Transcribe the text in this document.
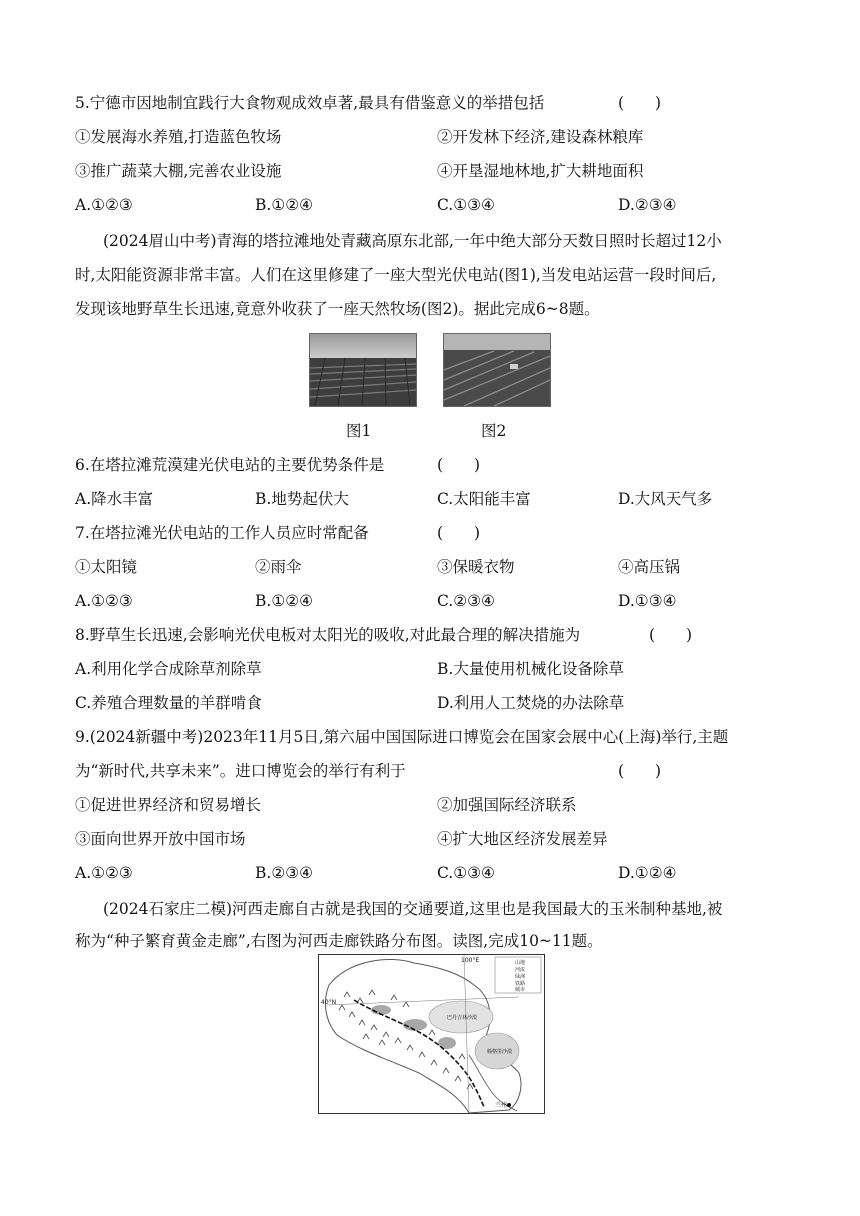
5.宁德市因地制宜践行大食物观成效卓著,最具有借鉴意义的举措包括	(　　)
①发展海水养殖,打造蓝色牧场	②开发林下经济,建设森林粮库
③推广蔬菜大棚,完善农业设施	④开垦湿地林地,扩大耕地面积
A.①②③	B.①②④	C.①③④	D.②③④
(2024眉山中考)青海的塔拉滩地处青藏高原东北部,一年中绝大部分天数日照时长超过12小
时,太阳能资源非常丰富。人们在这里修建了一座大型光伏电站(图1),当发电站运营一段时间后,
发现该地野草生长迅速,竟意外收获了一座天然牧场(图2)。据此完成6~8题。
图1	图2
6.在塔拉滩荒漠建光伏电站的主要优势条件是	(　　)
A.降水丰富	B.地势起伏大	C.太阳能丰富	D.大风天气多
7.在塔拉滩光伏电站的工作人员应时常配备	(　　)
①太阳镜	②雨伞	③保暖衣物	④高压锅
A.①②③	B.①②④	C.②③④	D.①③④
8.野草生长迅速,会影响光伏电板对太阳光的吸收,对此最合理的解决措施为	(　　)
A.利用化学合成除草剂除草	B.大量使用机械化设备除草
C.养殖合理数量的羊群啃食	D.利用人工焚烧的办法除草
9.(2024新疆中考)2023年11月5日,第六届中国国际进口博览会在国家会展中心(上海)举行,主题
为“新时代,共享未来”。进口博览会的举行有利于	(　　)
①促进世界经济和贸易增长	②加强国际经济联系
③面向世界开放中国市场	④扩大地区经济发展差异
A.①②③	B.②③④	C.①③④	D.①②④
(2024石家庄二模)河西走廊自古就是我国的交通要道,这里也是我国最大的玉米制种基地,被
称为“种子繁育黄金走廊”,右图为河西走廊铁路分布图。读图,完成10~11题。
40°N
100°E	山地
河流
绿洲
铁路
城市
巴丹吉林沙漠
腾格里沙漠
兰州
